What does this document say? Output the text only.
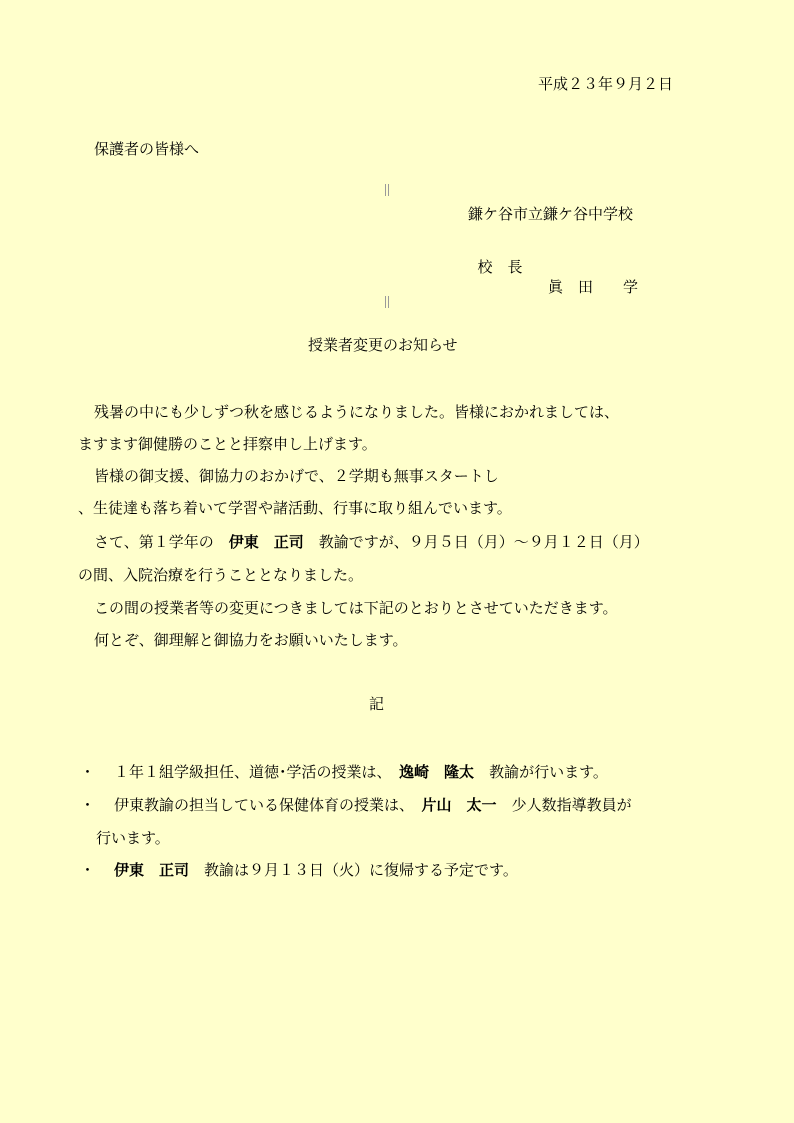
平成２３年９月２日
保護者の皆様へ
鎌ケ谷市立鎌ケ谷中学校

校　長

眞　田　　学

授業者変更のお知らせ
残暑の中にも少しずつ秋を感じるようになりました。皆様におかれましては、
ますます御健勝のことと拝察申し上げます。
皆様の御支援、御協力のおかげで、２学期も無事スタートし
、生徒達も落ち着いて学習や諸活動、行事に取り組んでいます。
さて、第１学年の　 伊東　正司　 教諭ですが、９月５日（月）～９月１２日（月）
の間、入院治療を行うこととなりました。
この間の授業者等の変更につきましては下記のとおりとさせていただきます。
何とぞ、御理解と御協力をお願いいたします。
記
・ １年１組学級担任、道徳･学活の授業は、　 逸崎　隆太　 教諭が行います。
・ 伊東教諭の担当している保健体育の授業は、　 片山　太一　 少人数指導教員が
行います。
・ 伊東　正司　 教諭は９月１３日（火）に復帰する予定です。
